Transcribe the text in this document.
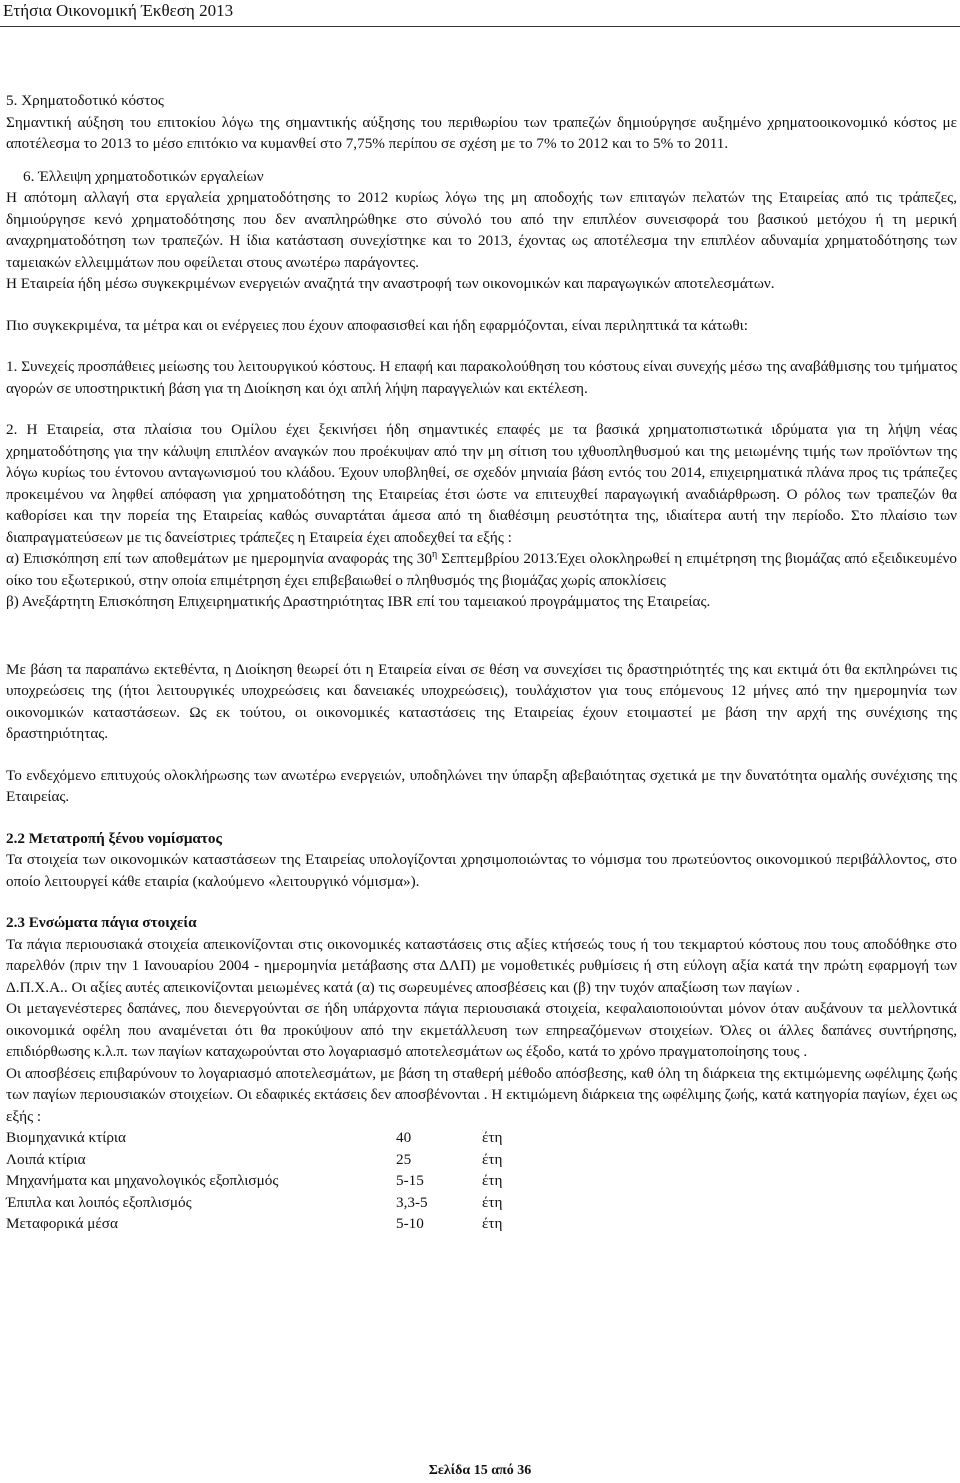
Ετήσια Οικονομική Έκθεση 2013

5. Χρηματοδοτικό κόστος

Σημαντική αύξηση του επιτοκίου λόγω της σημαντικής αύξησης του περιθωρίου των τραπεζών δημιούργησε αυξημένο χρηματοοικονομικό κόστος με αποτέλεσμα το 2013 το μέσο επιτόκιο να κυμανθεί στο 7,75% περίπου σε σχέση με το 7% το 2012 και το 5% το 2011.

6. Έλλειψη χρηματοδοτικών εργαλείων

Η απότομη αλλαγή στα εργαλεία χρηματοδότησης το 2012 κυρίως λόγω της μη αποδοχής των επιταγών πελατών της Εταιρείας από τις τράπεζες, δημιούργησε κενό χρηματοδότησης που δεν αναπληρώθηκε στο σύνολό του από την επιπλέον συνεισφορά του βασικού μετόχου ή τη μερική αναχρηματοδότηση των τραπεζών. Η ίδια κατάσταση συνεχίστηκε και το 2013, έχοντας ως αποτέλεσμα την επιπλέον αδυναμία χρηματοδότησης των ταμειακών ελλειμμάτων που οφείλεται στους ανωτέρω παράγοντες.

Η Εταιρεία ήδη μέσω συγκεκριμένων ενεργειών αναζητά την αναστροφή των οικονομικών και παραγωγικών αποτελεσμάτων.

Πιο συγκεκριμένα, τα μέτρα και οι ενέργειες που έχουν αποφασισθεί και ήδη εφαρμόζονται, είναι περιληπτικά τα κάτωθι:

1. Συνεχείς προσπάθειες μείωσης του λειτουργικού κόστους. Η επαφή και παρακολούθηση του κόστους είναι συνεχής μέσω της αναβάθμισης του τμήματος αγορών σε υποστηρικτική βάση για τη Διοίκηση και όχι απλή λήψη παραγγελιών και εκτέλεση.

2. Η Εταιρεία, στα πλαίσια του Ομίλου έχει ξεκινήσει ήδη σημαντικές επαφές με τα βασικά χρηματοπιστωτικά ιδρύματα για τη λήψη νέας χρηματοδότησης για την κάλυψη επιπλέον αναγκών που προέκυψαν από την μη σίτιση του ιχθυοπληθυσμού και της μειωμένης τιμής των προϊόντων της λόγω κυρίως του έντονου ανταγωνισμού του κλάδου. Έχουν υποβληθεί, σε σχεδόν μηνιαία βάση εντός του 2014, επιχειρηματικά πλάνα προς τις τράπεζες προκειμένου να ληφθεί απόφαση για χρηματοδότηση της Εταιρείας έτσι ώστε να επιτευχθεί παραγωγική αναδιάρθρωση. Ο ρόλος των τραπεζών θα καθορίσει και την πορεία της Εταιρείας καθώς συναρτάται άμεσα από τη διαθέσιμη ρευστότητα της, ιδιαίτερα αυτή την περίοδο. Στο πλαίσιο των διαπραγματεύσεων με τις δανείστριες τράπεζες η Εταιρεία έχει αποδεχθεί τα εξής :

α) Επισκόπηση επί των αποθεμάτων με ημερομηνία αναφοράς της $30^\eta$ Σεπτεμβρίου 2013.Έχει ολοκληρωθεί η επιμέτρηση της βιομάζας από εξειδικευμένο οίκο του εξωτερικού, στην οποία επιμέτρηση έχει επιβεβαιωθεί ο πληθυσμός της βιομάζας χωρίς αποκλίσεις

β) Ανεξάρτητη Επισκόπηση Επιχειρηματικής Δραστηριότητας IBR επί του ταμειακού προγράμματος της Εταιρείας.

Με βάση τα παραπάνω εκτεθέντα, η Διοίκηση θεωρεί ότι η Εταιρεία είναι σε θέση να συνεχίσει τις δραστηριότητές της και εκτιμά ότι θα εκπληρώνει τις υποχρεώσεις της (ήτοι λειτουργικές υποχρεώσεις και δανειακές υποχρεώσεις), τουλάχιστον για τους επόμενους 12 μήνες από την ημερομηνία των οικονομικών καταστάσεων. Ως εκ τούτου, οι οικονομικές καταστάσεις της Εταιρείας έχουν ετοιμαστεί με βάση την αρχή της συνέχισης της δραστηριότητας.

Το ενδεχόμενο επιτυχούς ολοκλήρωσης των ανωτέρω ενεργειών, υποδηλώνει την ύπαρξη αβεβαιότητας σχετικά με την δυνατότητα ομαλής συνέχισης της Εταιρείας.

2.2 Μετατροπή ξένου νομίσματος

Τα στοιχεία των οικονομικών καταστάσεων της Εταιρείας υπολογίζονται χρησιμοποιώντας το νόμισμα του πρωτεύοντος οικονομικού περιβάλλοντος, στο οποίο λειτουργεί κάθε εταιρία (καλούμενο «λειτουργικό νόμισμα»).

2.3 Ενσώματα πάγια στοιχεία

Τα πάγια περιουσιακά στοιχεία απεικονίζονται στις οικονομικές καταστάσεις στις αξίες κτήσεώς τους ή του τεκμαρτού κόστους που τους αποδόθηκε στο παρελθόν (πριν την 1 Ιανουαρίου 2004 - ημερομηνία μετάβασης στα ΔΛΠ) με νομοθετικές ρυθμίσεις ή στη εύλογη αξία κατά την πρώτη εφαρμογή των Δ.Π.Χ.Α.. Οι αξίες αυτές απεικονίζονται μειωμένες κατά (α) τις σωρευμένες αποσβέσεις και (β) την τυχόν απαξίωση των παγίων .

Οι μεταγενέστερες δαπάνες, που διενεργούνται σε ήδη υπάρχοντα πάγια περιουσιακά στοιχεία, κεφαλαιοποιούνται μόνον όταν αυξάνουν τα μελλοντικά οικονομικά οφέλη που αναμένεται ότι θα προκύψουν από την εκμετάλλευση των επηρεαζόμενων στοιχείων. Όλες οι άλλες δαπάνες συντήρησης, επιδιόρθωσης κ.λ.π. των παγίων καταχωρούνται στο λογαριασμό αποτελεσμάτων ως έξοδο, κατά το χρόνο πραγματοποίησης τους .

Οι αποσβέσεις επιβαρύνουν το λογαριασμό αποτελεσμάτων, με βάση τη σταθερή μέθοδο απόσβεσης, καθ όλη τη διάρκεια της εκτιμώμενης ωφέλιμης ζωής των παγίων περιουσιακών στοιχείων. Οι εδαφικές εκτάσεις δεν αποσβένονται . Η εκτιμώμενη διάρκεια της ωφέλιμης ζωής, κατά κατηγορία παγίων, έχει ως εξής :

Βιομηχανικά κτίρια	40	έτη
Λοιπά κτίρια	25	έτη
Μηχανήματα και μηχανολογικός εξοπλισμός	5-15	έτη
Έπιπλα και λοιπός εξοπλισμός	3,3-5	έτη
Μεταφορικά μέσα	5-10	έτη
Σελίδα 15 από 36
